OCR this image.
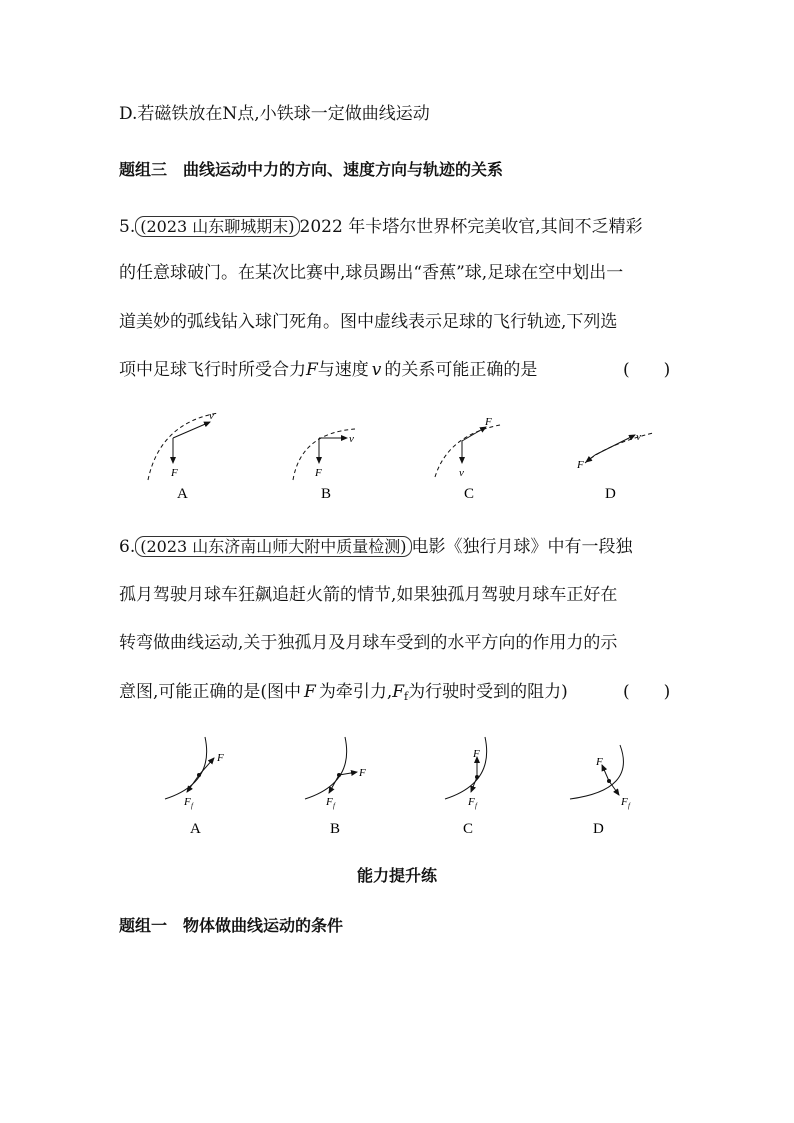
D.若磁铁放在N点,小铁球一定做曲线运动
题组三　曲线运动中力的方向、速度方向与轨迹的关系
5. (2023 山东聊城期末) 2022 年卡塔尔世界杯完美收官,其间不乏精彩
的任意球破门。在某次比赛中,球员踢出“香蕉”球,足球在空中划出一
道美妙的弧线钻入球门死角。图中虚线表示足球的飞行轨迹,下列选
项中足球飞行时所受合力F与速度 v 的关系可能正确的是	(　　)
v
F
A
v
F
B
F
v
C
v
F
D
6. (2023 山东济南山师大附中质量检测) 电影《独行月球》中有一段独
孤月驾驶月球车狂飙追赶火箭的情节,如果独孤月驾驶月球车正好在
转弯做曲线运动,关于独孤月及月球车受到的水平方向的作用力的示
意图,可能正确的是(图中 F 为牵引力$,F_f$为行驶时受到的阻力)	(　　)
F
F f
A
F
F f
B
F
F f
C
F
F f
D
能力提升练
题组一　物体做曲线运动的条件
